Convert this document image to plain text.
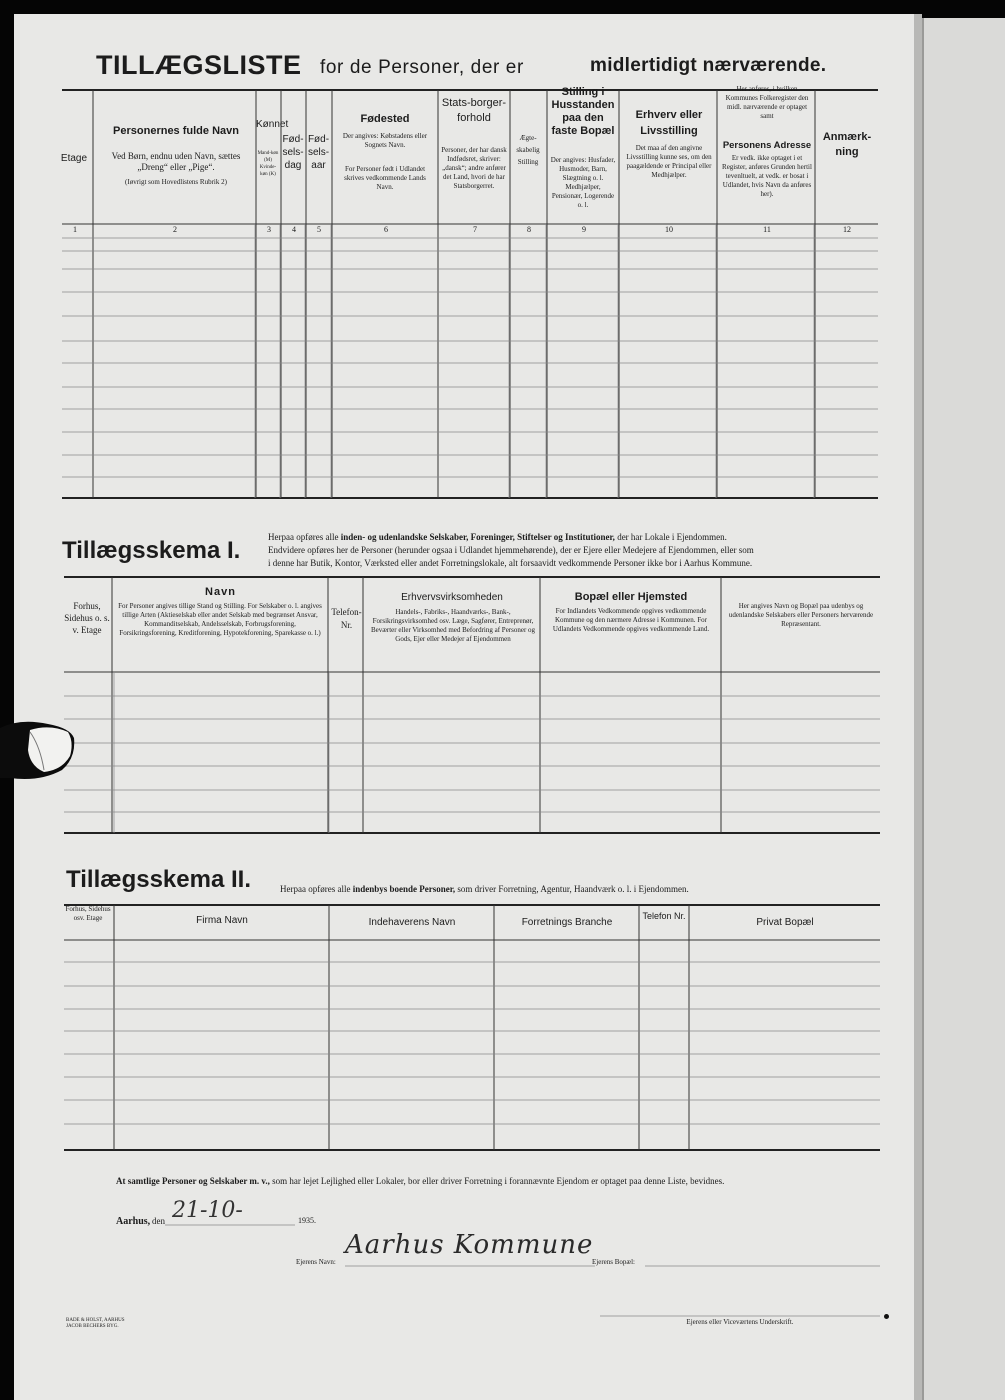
TILLÆGSLISTE for de Personer, der er	midlertidigt nærværende.
Etage
Personernes fulde Navn
Ved Børn, endnu uden Navn, sættes „Dreng“ eller „Pige“.
(Iøvrigt som Hovedlistens Rubrik 2)
Kønnet
Mand-køn (M) Kvinde-køn (K)
Fød-sels-dag
Fød-sels-aar
Fødested
Der angives: Købstadens eller Sognets Navn.
For Personer født i Udlandet skrives vedkommende Lands Navn.
Stats-borger-forhold
Personer, der har dansk Indfødsret, skriver: „dansk“; andre anfører det Land, hvori de har Statsborgerret.
Ægte-skabelig Stilling
Stilling i Husstanden paa den faste Bopæl
Der angives: Husfader, Husmoder, Barn, Slægtning o. l. Medhjælper, Pensionær, Logerende o. l.
Erhverv eller Livsstilling
Det maa af den angivne Livsstilling kunne ses, om den paagældende er Principal eller Medhjælper.
Her anføres, i hvilken Kommunes Folkeregister den midl. nærværende er optaget samt
Personens Adresse
Er vedk. ikke optaget i et Register, anføres Grunden hertil tevenltuelt, at vedk. er bosat i Udlandet, hvis Navn da anføres her).
Anmærk-ning
1	2	3	4	5	6	7	8	9	10	11	12
Tillægsskema I.	Herpaa opføres alle inden- og udenlandske Selskaber, Foreninger, Stiftelser og Institutioner, der har Lokale i Ejendommen.
Endvidere opføres her de Personer (herunder ogsaa i Udlandet hjemmehørende), der er Ejere eller Medejere af Ejendommen, eller som
i denne har Butik, Kontor, Værksted eller andet Forretningslokale, alt forsaavidt vedkommende Personer ikke bor i Aarhus Kommune.
Forhus, Sidehus o. s. v. Etage
Navn
For Personer angives tillige Stand og Stilling. For Selskaber o. l. angives tillige Arten (Aktieselskab eller andet Selskab med begrænset Ansvar, Kommanditselskab, Andelsselskab, Forbrugsforening, Forsikringsforening, Kreditforening, Hypotekforening, Sparekasse o. l.)
Telefon-Nr.
Erhvervsvirksomheden
Handels-, Fabriks-, Haandværks-, Bank-, Forsikringsvirksomhed osv. Læge, Sagfører, Entreprenør, Beværter eller Virksomhed med Befordring af Personer og Gods, Ejer eller Medejer af Ejendommen
Bopæl eller Hjemsted
For Indlandets Vedkommende opgives vedkommende Kommune og den nærmere Adresse i Kommunen. For Udlandets Vedkommende opgives vedkommende Land.
Her angives Navn og Bopæl paa udenbys og udenlandske Selskabers eller Personers herværende Repræsentant.
Tillægsskema II.	Herpaa opføres alle indenbys boende Personer, som driver Forretning, Agentur, Haandværk o. l. i Ejendommen.
Forhus, Sidehus osv. Etage	Firma Navn	Indehaverens Navn	Forretnings Branche
Telefon Nr.
Privat Bopæl
At samtlige Personer og Selskaber m. v., som har lejet Lejlighed eller Lokaler, bor eller driver Forretning i forannævnte Ejendom er optaget paa denne Liste, bevidnes.
Aarhus, den 21-10-	1935.
Ejerens Navn:
Aarhus Kommune
Ejerens Bopæl:
Ejerens eller Viceværtens Underskrift.
BADE & HOLST, AARHUS JACOB BECHERS BYG.
